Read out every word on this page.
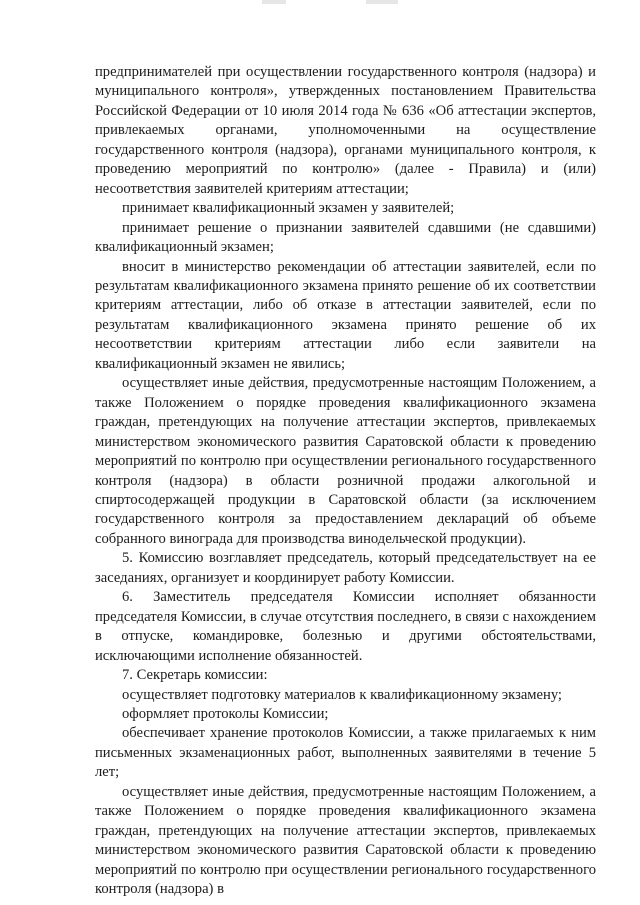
предпринимателей при осуществлении государственного контроля (надзора) и муниципального контроля», утвержденных постановлением Правительства Российской Федерации от 10 июля 2014 года № 636 «Об аттестации экспертов, привлекаемых органами, уполномоченными на осуществление государственного контроля (надзора), органами муниципального контроля, к проведению мероприятий по контролю» (далее - Правила) и (или) несоответствия заявителей критериям аттестации;

принимает квалификационный экзамен у заявителей;

принимает решение о признании заявителей сдавшими (не сдавшими) квалификационный экзамен;

вносит в министерство рекомендации об аттестации заявителей, если по результатам квалификационного экзамена принято решение об их соответствии критериям аттестации, либо об отказе в аттестации заявителей, если по результатам квалификационного экзамена принято решение об их несоответствии критериям аттестации либо если заявители на квалификационный экзамен не явились;

осуществляет иные действия, предусмотренные настоящим Положением, а также Положением о порядке проведения квалификационного экзамена граждан, претендующих на получение аттестации экспертов, привлекаемых министерством экономического развития Саратовской области к проведению мероприятий по контролю при осуществлении регионального государственного контроля (надзора) в области розничной продажи алкогольной и спиртосодержащей продукции в Саратовской области (за исключением государственного контроля за предоставлением деклараций об объеме собранного винограда для производства винодельческой продукции).

5. Комиссию возглавляет председатель, который председательствует на ее заседаниях, организует и координирует работу Комиссии.

6. Заместитель председателя Комиссии исполняет обязанности председателя Комиссии, в случае отсутствия последнего, в связи с нахождением в отпуске, командировке, болезнью и другими обстоятельствами, исключающими исполнение обязанностей.

7. Секретарь комиссии:

осуществляет подготовку материалов к квалификационному экзамену;

оформляет протоколы Комиссии;

обеспечивает хранение протоколов Комиссии, а также прилагаемых к ним письменных экзаменационных работ, выполненных заявителями в течение 5 лет;

осуществляет иные действия, предусмотренные настоящим Положением, а также Положением о порядке проведения квалификационного экзамена граждан, претендующих на получение аттестации экспертов, привлекаемых министерством экономического развития Саратовской области к проведению мероприятий по контролю при осуществлении регионального государственного контроля (надзора) в
